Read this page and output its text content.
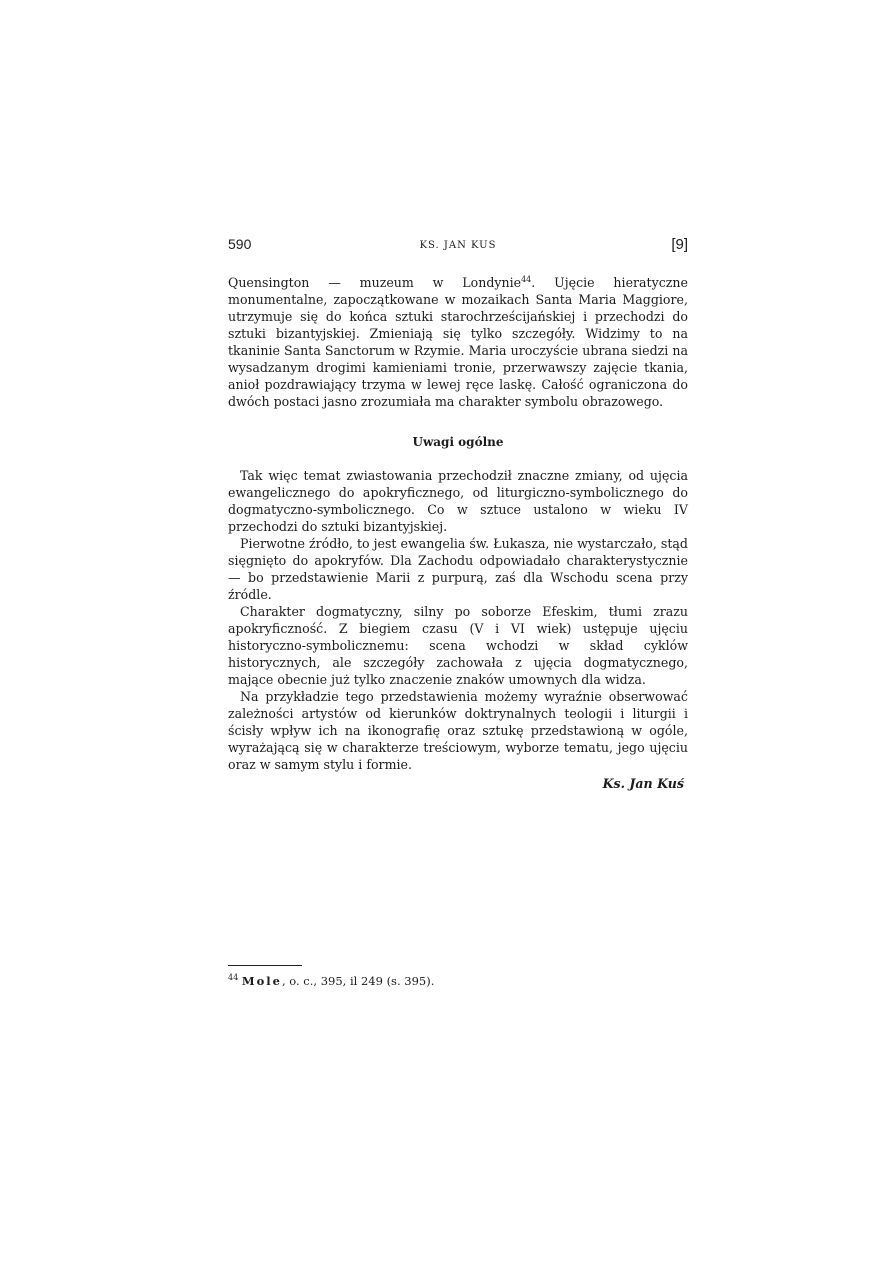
590	KS. JAN KUS	[9]

Quensington — muzeum w Londynie$^{44}$. Ujęcie hieratyczne monumentalne, zapoczątkowane w mozaikach Santa Maria Maggiore, utrzymuje się do końca sztuki starochrześcijańskiej i przechodzi do sztuki bizantyjskiej. Zmieniają się tylko szczegóły. Widzimy to na tkaninie Santa Sanctorum w Rzymie. Maria uroczyście ubrana siedzi na wysadzanym drogimi kamieniami tronie, przerwawszy zajęcie tkania, anioł pozdrawiający trzyma w lewej ręce laskę. Całość ograniczona do dwóch postaci jasno zrozumiała ma charakter symbolu obrazowego.

Uwagi ogólne

Tak więc temat zwiastowania przechodził znaczne zmiany, od ujęcia ewangelicznego do apokryficznego, od liturgiczno-symbolicznego do dogmatyczno-symbolicznego. Co w sztuce ustalono w wieku IV przechodzi do sztuki bizantyjskiej.

Pierwotne źródło, to jest ewangelia św. Łukasza, nie wystarczało, stąd sięgnięto do apokryfów. Dla Zachodu odpowiadało charakterystycznie — bo przedstawienie Marii z purpurą, zaś dla Wschodu scena przy źródle.

Charakter dogmatyczny, silny po soborze Efeskim, tłumi zrazu apokryficzność. Z biegiem czasu (V i VI wiek) ustępuje ujęciu historyczno-symbolicznemu: scena wchodzi w skład cyklów historycznych, ale szczegóły zachowała z ujęcia dogmatycznego, mające obecnie już tylko znaczenie znaków umownych dla widza.

Na przykładzie tego przedstawienia możemy wyraźnie obserwować zależności artystów od kierunków doktrynalnych teologii i liturgii i ścisły wpływ ich na ikonografię oraz sztukę przedstawioną w ogóle, wyrażającą się w charakterze treściowym, wyborze tematu, jego ujęciu oraz w samym stylu i formie.

Ks. Jan Kuś
$^{44}$ Mole, o. c., 395, il 249 (s. 395).
